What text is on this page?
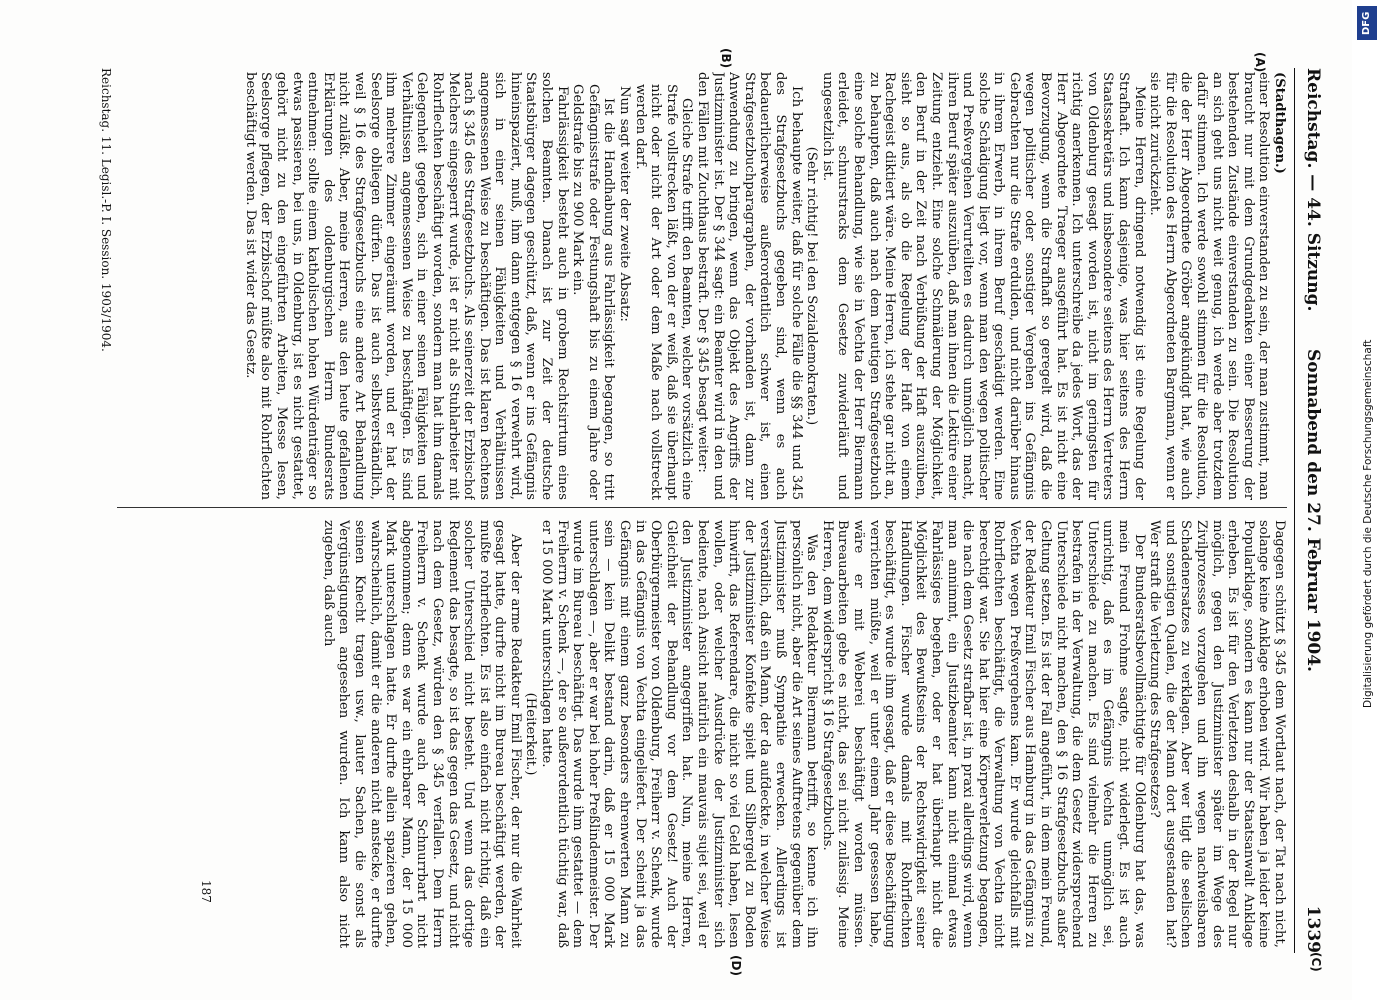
Reichstag. — 44. Sitzung.
Sonnabend den 27. Februar 1904.
1339
(A)
(B)
(C)
(D)

(Stadthagen.)

einer Resolution einverstanden zu sein, der man zustimmt, man braucht nur mit dem Grundgedanken einer Besserung der bestehenden Zustände einverstanden zu sein. Die Resolution an sich geht uns nicht weit genug, ich werde aber trotzdem dafür stimmen. Ich werde sowohl stimmen für die Resolution, die der Herr Abgeordnete Gröber angekündigt hat, wie auch für die Resolution des Herrn Abgeordneten Bargmann, wenn er sie nicht zurückzieht.

Meine Herren, dringend notwendig ist eine Regelung der Strafhaft. Ich kann dasjenige, was hier seitens des Herrn Staatssekretärs und insbesondere seitens des Herrn Vertreters von Oldenburg gesagt worden ist, nicht im geringsten für richtig anerkennen. Ich unterschreibe da jedes Wort, das der Herr Abgeordnete Traeger ausgeführt hat. Es ist nicht eine Bevorzugung, wenn die Strafhaft so geregelt wird, daß die wegen politischer oder sonstiger Vergehen ins Gefängnis Gebrachten nur die Strafe erdulden, und nicht darüber hinaus in ihrem Erwerb, in ihrem Beruf geschädigt werden. Eine solche Schädigung liegt vor, wenn man den wegen politischer und Preßvergehen Verurteilten es dadurch unmöglich macht, ihren Beruf später auszuüben, daß man ihnen die Lektüre einer Zeitung entzieht. Eine solche Schmälerung der Möglichkeit, den Beruf in der Zeit nach Verbüßung der Haft auszuüben, sieht so aus, als ob die Regelung der Haft von einem Rachegeist diktiert wäre. Meine Herren, ich stehe gar nicht an, zu behaupten, daß auch nach dem heutigen Strafgesetzbuch eine solche Behandlung, wie sie in Vechta der Herr Biermann erleidet, schnurstracks dem Gesetze zuwiderläuft und ungesetzlich ist.

(Sehr richtig! bei den Sozialdemokraten.)

Ich behaupte weiter, daß für solche Fälle die §§ 344 und 345 des Strafgesetzbuchs gegeben sind, wenn es auch bedauerlicherweise außerordentlich schwer ist, einen Strafgesetzbuchparagraphen, der vorhanden ist, dann zur Anwendung zu bringen, wenn das Objekt des Angriffs der Justizminister ist. Der § 344 sagt: ein Beamter wird in den und den Fällen mit Zuchthaus bestraft. Der § 345 besagt weiter:

Gleiche Strafe trifft den Beamten, welcher vorsätzlich eine Strafe vollstrecken läßt, von der er weiß, daß sie überhaupt nicht oder nicht der Art oder dem Maße nach vollstreckt werden darf.

Nun sagt weiter der zweite Absatz:

Ist die Handhabung aus Fahrlässigkeit begangen, so tritt Gefängnisstrafe oder Festungshaft bis zu einem Jahre oder Geldstrafe bis zu 900 Mark ein.

Fahrlässigkeit besteht auch in grobem Rechtsirrtum eines solchen Beamten. Danach ist zur Zeit der deutsche Staatsbürger dagegen geschützt, daß, wenn er ins Gefängnis hineinspaziert, muß, ihm dann entgegen § 16 verwehrt wird, sich in einer seinen Fähigkeiten und Verhältnissen angemessenen Weise zu beschäftigen. Das ist klaren Rechtens nach § 345 des Strafgesetzbuchs. Als seinerzeit der Erzbischof Melchers eingesperrt wurde, ist er nicht als Stuhlarbeiter mit Rohrflechten beschäftigt worden, sondern man hat ihm damals Gelegenheit gegeben, sich in einer seinen Fähigkeiten und Verhältnissen angemessenen Weise zu beschäftigen. Es sind ihm mehrere Zimmer eingeräumt worden, und er hat der Seelsorge obliegen dürfen. Das ist auch selbstverständlich, weil § 16 des Strafgesetzbuchs eine andere Art Behandlung nicht zuläßt. Aber, meine Herren, aus den heute gefallenen Erklärungen des oldenburgischen Herrn Bundesrats entnehmen: sollte einem katholischen hohen Würdenträger so etwas passieren, bei uns, in Oldenburg, ist es nicht gestattet, gehört nicht zu den eingeführten Arbeiten, Messe lesen, Seelsorge pflegen, der Erzbischof müßte also mit Rohrflechten beschäftigt werden. Das ist wider das Gesetz.

Dagegen schützt § 345 dem Wortlaut nach, der Tat nach nicht, solange keine Anklage erhoben wird. Wir haben ja leider keine Popularklage, sondern es kann nur der Staatsanwalt Anklage erheben. Es ist für den Verletzten deshalb in der Regel nur möglich, gegen den Justizminister später im Wege des Zivilprozesses vorzugehen und ihn wegen nachweisbaren Schadenersatzes zu verklagen. Aber wer tilgt die seelischen und sonstigen Qualen, die der Mann dort ausgestanden hat? Wer straft die Verletzung des Strafgesetzes?

Der Bundesratsbevollmächtigte für Oldenburg hat das, was mein Freund Frohme sagte, nicht widerlegt. Es ist auch unrichtig, daß es im Gefängnis Vechta unmöglich sei, Unterschiede zu machen. Es sind vielmehr die Herren zu bestrafen in der Verwaltung, die dem Gesetz widersprechend Unterschiede nicht machen, den § 16 Strafgesetzbuchs außer Geltung setzen. Es ist der Fall angeführt, in dem mein Freund, der Redakteur Emil Fischer aus Hamburg in das Gefängnis zu Vechta wegen Preßvergehens kam. Er wurde gleichfalls mit Rohrflechten beschäftigt, die Verwaltung von Vechta nicht berechtigt war. Sie hat hier eine Körperverletzung begangen, die nach dem Gesetz strafbar ist, in praxi allerdings wird, wenn man annimmt, ein Justizbeamter kann nicht einmal etwas Fahrlässiges begehen, oder er hat überhaupt nicht die Möglichkeit des Bewußtseins der Rechtswidrigkeit seiner Handlungen. Fischer wurde damals mit Rohrflechten beschäftigt, es wurde ihm gesagt, daß er diese Beschäftigung verrichten müßte, weil er unter einem Jahr gesessen habe, wäre er mit Weberei beschäftigt worden müssen. Bureauarbeiten gebe es nicht, das sei nicht zulässig. Meine Herren, dem widerspricht § 16 Strafgesetzbuchs.

Was den Redakteur Biermann betrifft, so kenne ich ihn persönlich nicht, aber die Art seines Auftretens gegenüber dem Justizminister muß Sympathie erwecken. Allerdings ist verständlich, daß ein Mann, der da aufdeckte, in welcher Weise der Justizminister Konfekte spielt und Silbergeld zu Boden hinwirft, das Referendare, die nicht so viel Geld haben, lesen wollen, oder welcher Ausdrücke der Justizminister sich bediente, nach Ansicht natürlich ein mauvais sujet sei, weil er den Justizminister angegriffen hat. Nun, meine Herren, Gleichheit der Behandlung vor dem Gesetz! Auch der Oberbürgermeister von Oldenburg, Freiherr v. Schenk, wurde in das Gefängnis von Vechta eingeliefert. Der scheint ja das Gefängnis mit einem ganz besonders ehrenwerten Mann zu sein — kein Delikt bestand darin, daß er 15 000 Mark unterschlagen —, aber er war bei hoher Preßlindenmeister. Der wurde im Bureau beschäftigt. Das wurde ihm gestattet — dem Freiherrn v. Schenk —, der so außerordentlich tüchtig war, daß er 15 000 Mark unterschlagen hatte.

(Heiterkeit.)

Aber der arme Redakteur Emil Fischer, der nur die Wahrheit gesagt hatte, durfte nicht im Bureau beschäftigt werden, der mußte rohrflechten. Es ist also einfach nicht richtig, daß ein solcher Unterschied nicht besteht. Und wenn das dortige Reglement das besagte, so ist das gegen das Gesetz, und nicht nach dem Gesetz, würden den § 345 verfallen. Dem Herrn Freiherrn v. Schenk wurde auch der Schnurrbart nicht abgenommen; denn es war ein ehrbarer Mann, der 15 000 Mark unterschlagen hatte. Er durfte allein spazieren gehen, wahrscheinlich, damit er die anderen nicht anstecke, er durfte seinen Knecht tragen usw., lauter Sachen, die sonst als Vergünstigungen angesehen wurden. Ich kann also nicht zugeben, daß auch

187
Reichstag. 11. Legisl.-P. I. Session. 1903/1904.
DFG
Digitalisierung gefördert durch die Deutsche Forschungsgemeinschaft
